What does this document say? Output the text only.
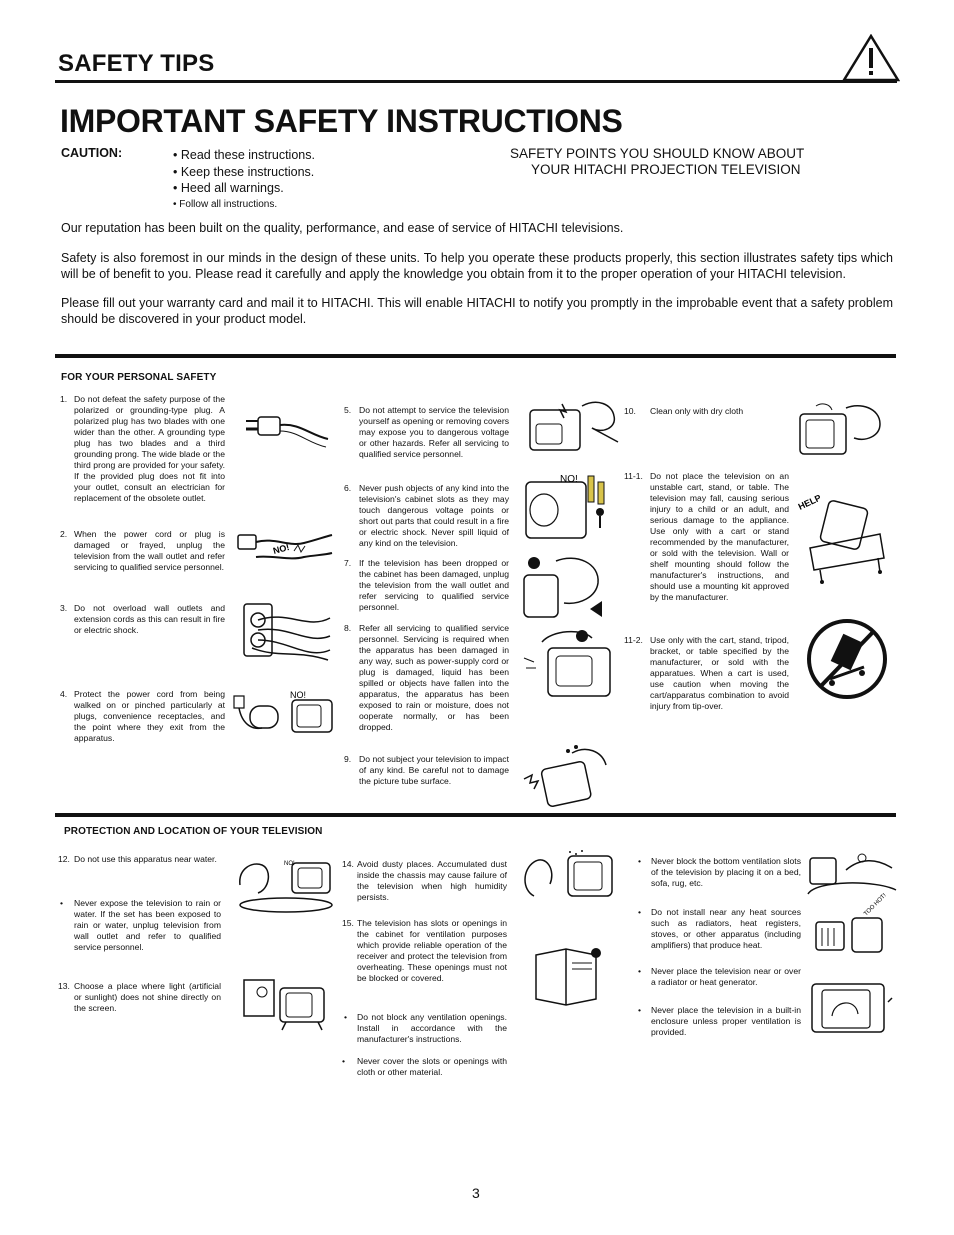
SAFETY TIPS
IMPORTANT SAFETY INSTRUCTIONS
CAUTION:	• Read these instructions.
• Keep these instructions.
• Heed all warnings.
• Follow all instructions.
SAFETY POINTS YOU SHOULD KNOW ABOUT
YOUR HITACHI PROJECTION TELEVISION
Our reputation has been built on the quality, performance, and ease of service of HITACHI televisions.
Safety is also foremost in our minds in the design of these units. To help you operate these products properly, this section illustrates safety tips which will be of benefit to you. Please read it carefully and apply the knowledge you obtain from it to the proper operation of your HITACHI television.
Please fill out your warranty card and mail it to HITACHI. This will enable HITACHI to notify you promptly in the improbable event that a safety problem should be discovered in your product model.
FOR YOUR PERSONAL SAFETY
1. Do not defeat the safety purpose of the polarized or grounding-type plug. A polarized plug has two blades with one wider than the other. A grounding type plug has two blades and a third grounding prong. The wide blade or the third prong are provided for your safety. If the provided plug does not fit into your outlet, consult an electrician for replacement of the obsolete outlet.
2. When the power cord or plug is damaged or frayed, unplug the television from the wall outlet and refer servicing to qualified service personnel.
3. Do not overload wall outlets and extension cords as this can result in fire or electric shock.
4. Protect the power cord from being walked on or pinched particularly at plugs, convenience receptacles, and the point where they exit from the apparatus.
5. Do not attempt to service the television yourself as opening or removing covers may expose you to dangerous voltage or other hazards. Refer all servicing to qualified service personnel.
6. Never push objects of any kind into the television's cabinet slots as they may touch dangerous voltage points or short out parts that could result in a fire or electric shock. Never spill liquid of any kind on the television.
7. If the television has been dropped or the cabinet has been damaged, unplug the television from the wall outlet and refer servicing to qualified service personnel.
8. Refer all servicing to qualified service personnel. Servicing is required when the apparatus has been damaged in any way, such as power-supply cord or plug is damaged, liquid has been spilled or objects have fallen into the apparatus, the apparatus has been exposed to rain or moisture, does not ooperate normally, or has been dropped.
9. Do not subject your television to impact of any kind. Be careful not to damage the picture tube surface.
10.	Clean only with dry cloth
11-1. Do not place the television on an unstable cart, stand, or table. The television may fall, causing serious injury to a child or an adult, and serious damage to the appliance. Use only with a cart or stand recommended by the manufacturer, or sold with the television. Wall or shelf mounting should follow the manufacturer's instructions, and should use a mounting kit approved by the manufacturer.
11-2. Use only with the cart, stand, tripod, bracket, or table specified by the manufacturer, or sold with the apparatues. When a cart is used, use caution when moving the cart/apparatus combination to avoid injury from tip-over.
PROTECTION AND LOCATION OF YOUR TELEVISION
12. Do not use this apparatus near water.
•	Never expose the television to rain or water. If the set has been exposed to rain or water, unplug television from wall outlet and refer to qualified service personnel.
13. Choose a place where light (artificial or sunlight) does not shine directly on the screen.
14. Avoid dusty places. Accumulated dust inside the chassis may cause failure of the television when high humidity persists.
15. The television has slots or openings in the cabinet for ventilation purposes which provide reliable operation of the receiver and protect the television from overheating. These openings must not be blocked or covered.
•	Do not block any ventilation openings. Install in accordance with the manufacturer's instructions.
•	Never cover the slots or openings with cloth or other material.
•	Never block the bottom ventilation slots of the television by placing it on a bed, sofa, rug, etc.
•	Do not install near any heat sources such as radiators, heat registers, stoves, or other apparatus (including amplifiers) that produce heat.
•	Never place the television near or over a radiator or heat generator.
•	Never place the television in a built-in enclosure unless proper ventilation is provided.
NO!
NO!
NO!
HELP
NO!
TOO HOT!
3
